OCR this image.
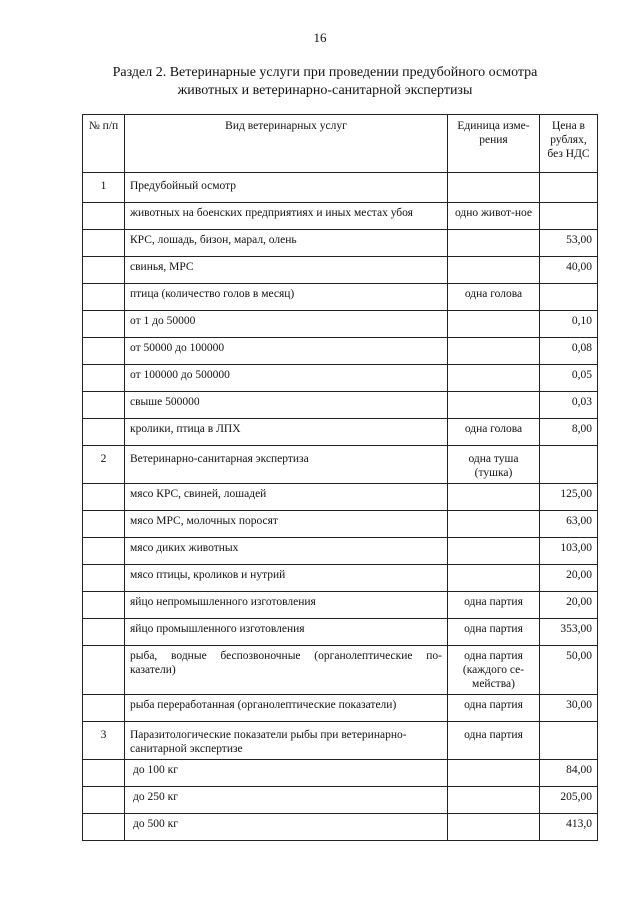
16
Раздел 2. Ветеринарные услуги при проведении предубойного осмотра
животных и ветеринарно-санитарной экспертизы
№ п/п	Вид ветеринарных услуг	Единица изме-рения	Цена в рублях, без НДС
1	Предубойный осмотр		
	животных на боенских предприятиях и иных местах убоя	одно живот-ное	
	КРС, лошадь, бизон, марал, олень		53,00
	свинья, МРС		40,00
	птица (количество голов в месяц)	одна голова	
	от 1 до 50000		0,10
	от 50000 до 100000		0,08
	от 100000 до 500000		0,05
	свыше 500000		0,03
	кролики, птица в ЛПХ	одна голова	8,00
2	Ветеринарно-санитарная экспертиза	одна туша (тушка)	
	мясо КРС, свиней, лошадей		125,00
	мясо МРС, молочных поросят		63,00
	мясо диких животных		103,00
	мясо птицы, кроликов и нутрий		20,00
	яйцо непромышленного изготовления	одна партия	20,00
	яйцо промышленного изготовления	одна партия	353,00
	рыба, водные беспозвоночные (органолептические по-казатели)	одна партия (каждого се-мейства)	50,00
	рыба переработанная (органолептические показатели)	одна партия	30,00
3	Паразитологические показатели рыбы при ветеринарно-санитарной экспертизе	одна партия	
	до 100 кг		84,00
	до 250 кг		205,00
	до 500 кг		413,0
